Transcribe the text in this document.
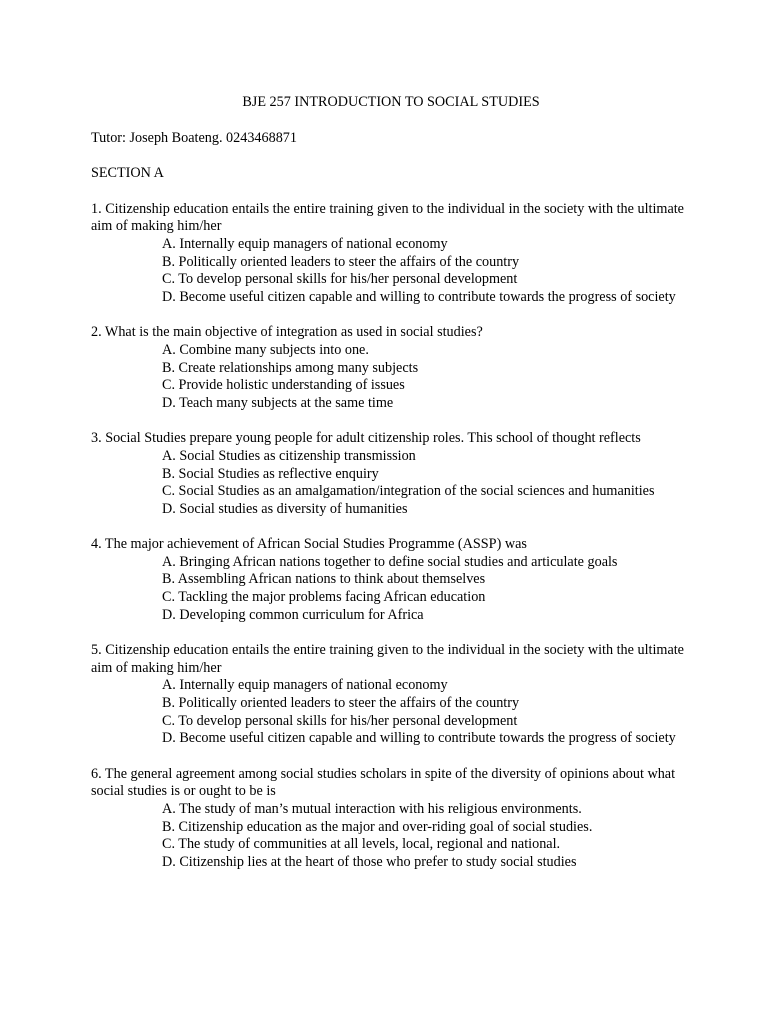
BJE 257 INTRODUCTION TO SOCIAL STUDIES

Tutor: Joseph Boateng. 0243468871

SECTION A

1. Citizenship education entails the entire training given to the individual in the society with the ultimate aim of making him/her

A. Internally equip managers of national economy

B. Politically oriented leaders to steer the affairs of the country

C. To develop personal skills for his/her personal development

D. Become useful citizen capable and willing to contribute towards the progress of society

2. What is the main objective of integration as used in social studies?

A. Combine many subjects into one.

B. Create relationships among many subjects

C. Provide holistic understanding of issues

D. Teach many subjects at the same time

3. Social Studies prepare young people for adult citizenship roles. This school of thought reflects

A. Social Studies as citizenship transmission

B. Social Studies as reflective enquiry

C. Social Studies as an amalgamation/integration of the social sciences and humanities

D. Social studies as diversity of humanities

4. The major achievement of African Social Studies Programme (ASSP) was

A. Bringing African nations together to define social studies and articulate goals

B. Assembling African nations to think about themselves

C. Tackling the major problems facing African education

D. Developing common curriculum for Africa

5. Citizenship education entails the entire training given to the individual in the society with the ultimate aim of making him/her

A. Internally equip managers of national economy

B. Politically oriented leaders to steer the affairs of the country

C. To develop personal skills for his/her personal development

D. Become useful citizen capable and willing to contribute towards the progress of society

6. The general agreement among social studies scholars in spite of the diversity of opinions about what social studies is or ought to be is

A. The study of man’s mutual interaction with his religious environments.

B. Citizenship education as the major and over-riding goal of social studies.

C. The study of communities at all levels, local, regional and national.

D. Citizenship lies at the heart of those who prefer to study social studies
